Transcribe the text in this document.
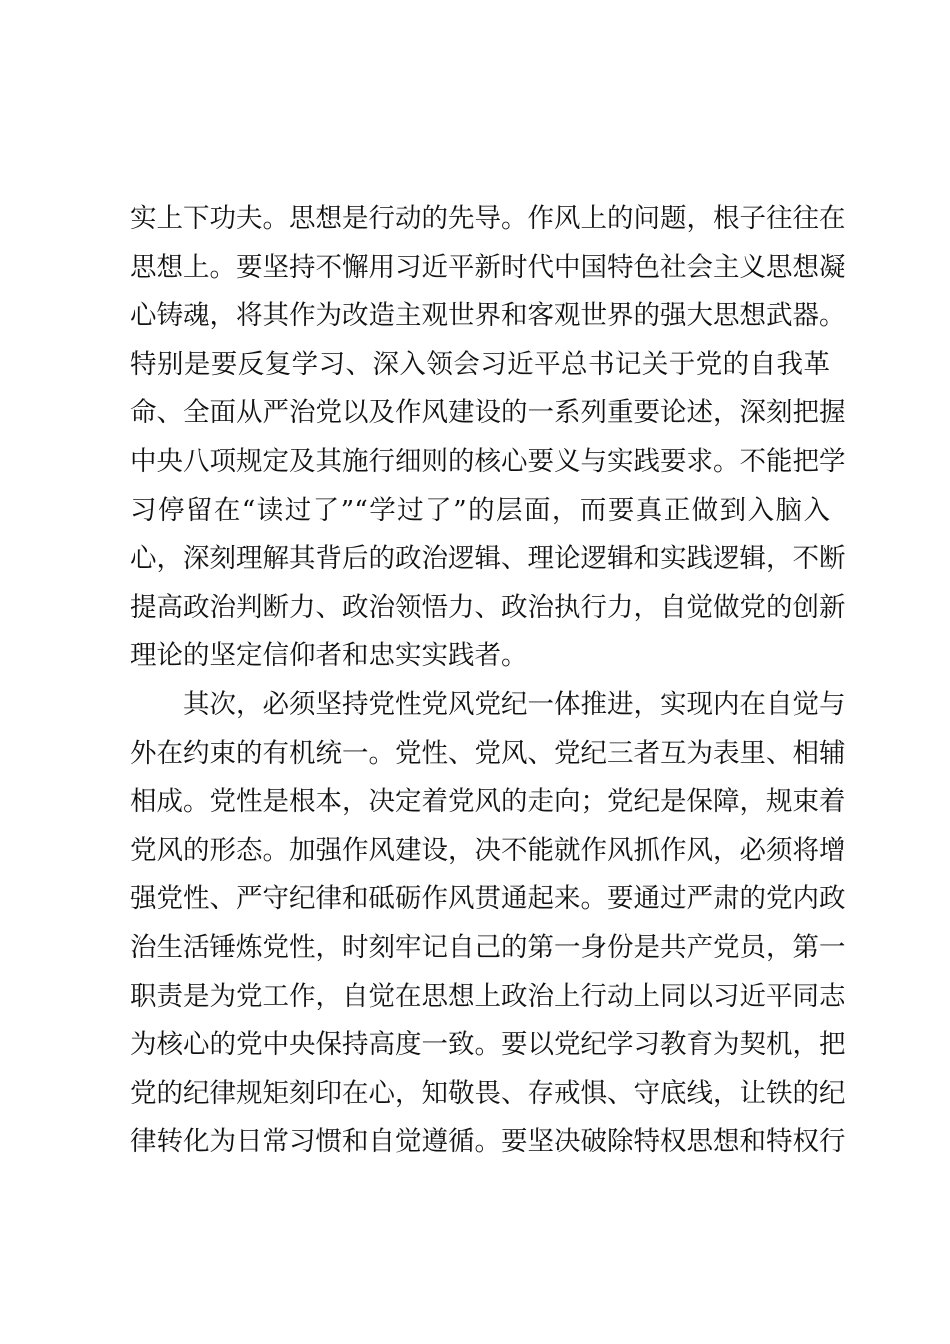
实上下功夫。思想是行动的先导。作风上的问题，根子往往在
思想上。要坚持不懈用习近平新时代中国特色社会主义思想凝
心铸魂，将其作为改造主观世界和客观世界的强大思想武器。
特别是要反复学习、深入领会习近平总书记关于党的自我革
命、全面从严治党以及作风建设的一系列重要论述，深刻把握
中央八项规定及其施行细则的核心要义与实践要求。不能把学
习停留在“读过了”“学过了”的层面，而要真正做到入脑入
心，深刻理解其背后的政治逻辑、理论逻辑和实践逻辑，不断
提高政治判断力、政治领悟力、政治执行力，自觉做党的创新
理论的坚定信仰者和忠实实践者。
其次，必须坚持党性党风党纪一体推进，实现内在自觉与
外在约束的有机统一。党性、党风、党纪三者互为表里、相辅
相成。党性是根本，决定着党风的走向；党纪是保障，规束着
党风的形态。加强作风建设，决不能就作风抓作风，必须将增
强党性、严守纪律和砥砺作风贯通起来。要通过严肃的党内政
治生活锤炼党性，时刻牢记自己的第一身份是共产党员，第一
职责是为党工作，自觉在思想上政治上行动上同以习近平同志
为核心的党中央保持高度一致。要以党纪学习教育为契机，把
党的纪律规矩刻印在心，知敬畏、存戒惧、守底线，让铁的纪
律转化为日常习惯和自觉遵循。要坚决破除特权思想和特权行
